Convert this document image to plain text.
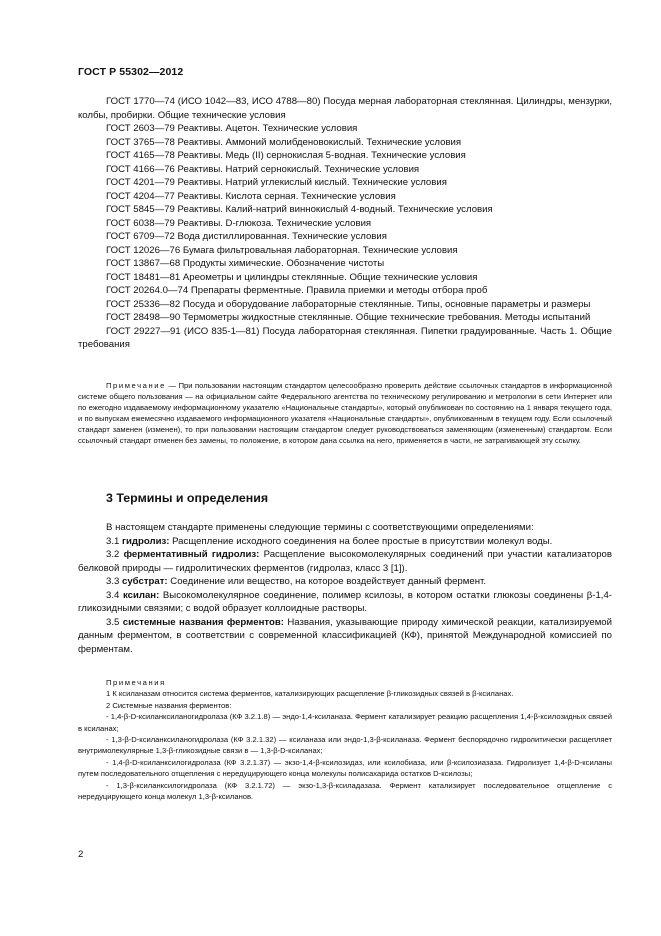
ГОСТ Р 55302—2012

ГОСТ 1770—74 (ИСО 1042—83, ИСО 4788—80) Посуда мерная лабораторная стеклянная. Цилиндры, мензурки, колбы, пробирки. Общие технические условия

ГОСТ 2603—79 Реактивы. Ацетон. Технические условия

ГОСТ 3765—78 Реактивы. Аммоний молибденовокислый. Технические условия

ГОСТ 4165—78 Реактивы. Медь (II) сернокислая 5-водная. Технические условия

ГОСТ 4166—76 Реактивы. Натрий сернокислый. Технические условия

ГОСТ 4201—79 Реактивы. Натрий углекислый кислый. Технические условия

ГОСТ 4204—77 Реактивы. Кислота серная. Технические условия

ГОСТ 5845—79 Реактивы. Калий-натрий виннокислый 4-водный. Технические условия

ГОСТ 6038—79 Реактивы. D-глюкоза. Технические условия

ГОСТ 6709—72 Вода дистиллированная. Технические условия

ГОСТ 12026—76 Бумага фильтровальная лабораторная. Технические условия

ГОСТ 13867—68 Продукты химические. Обозначение чистоты

ГОСТ 18481—81 Ареометры и цилиндры стеклянные. Общие технические условия

ГОСТ 20264.0—74 Препараты ферментные. Правила приемки и методы отбора проб

ГОСТ 25336—82 Посуда и оборудование лабораторные стеклянные. Типы, основные параметры и размеры

ГОСТ 28498—90 Термометры жидкостные стеклянные. Общие технические требования. Методы испытаний

ГОСТ 29227—91 (ИСО 835-1—81) Посуда лабораторная стеклянная. Пипетки градуированные. Часть 1. Общие требования

Примечание — При пользовании настоящим стандартом целесообразно проверить действие ссылочных стандартов в информационной системе общего пользования — на официальном сайте Федерального агентства по техническому регулированию и метрологии в сети Интернет или по ежегодно издаваемому информационному указателю «Национальные стандарты», который опубликован по состоянию на 1 января текущего года, и по выпускам ежемесячно издаваемого информационного указателя «Национальные стандарты», опубликованным в текущем году. Если ссылочный стандарт заменен (изменен), то при пользовании настоящим стандартом следует руководствоваться заменяющим (измененным) стандартом. Если ссылочный стандарт отменен без замены, то положение, в котором дана ссылка на него, применяется в части, не затрагивающей эту ссылку.

3 Термины и определения

В настоящем стандарте применены следующие термины с соответствующими определениями:

3.1 гидролиз: Расщепление исходного соединения на более простые в присутствии молекул воды.

3.2 ферментативный гидролиз: Расщепление высокомолекулярных соединений при участии катализаторов белковой природы — гидролитических ферментов (гидролаз, класс 3 [1]).

3.3 субстрат: Соединение или вещество, на которое воздействует данный фермент.

3.4 ксилан: Высокомолекулярное соединение, полимер ксилозы, в котором остатки глюкозы соединены β-1,4-гликозидными связями; с водой образует коллоидные растворы.

3.5 системные названия ферментов: Названия, указывающие природу химической реакции, катализируемой данным ферментом, в соответствии с современной классификацией (КФ), принятой Международной комиссией по ферментам.

Примечания

1 К ксиланазам относится система ферментов, катализирующих расщепление β-гликозидных связей в β-ксиланах.

2 Системные названия ферментов:

- 1,4-β-D-ксиланксиланогидролаза (КФ 3.2.1.8) — эндо-1,4-ксиланаза. Фермент катализирует реакцию расщепления 1,4-β-ксилозидных связей в ксиланах;

- 1,3-β-D-ксиланксиланогидролаза (КФ 3.2.1.32) — ксиланаза или эндо-1,3-β-ксиланаза. Фермент беспорядочно гидролитически расщепляет внутримолекулярные 1,3-β-гликозидные связи в — 1,3-β-D-ксиланах;

- 1,4-β-D-ксиланксилогидролаза (КФ 3.2.1.37) — экзо-1,4-β-ксилозидаз, или ксилобиаза, или β-ксилозиазаза. Гидролизует 1,4-β-D-ксиланы путем последовательного отщепления с нередуцирующего конца молекулы полисахарида остатков D-ксилозы;

- 1,3-β-ксиланксилогидролаза (КФ 3.2.1.72) — экзо-1,3-β-ксиладазаза. Фермент катализирует последовательное отщепление с нередуцирующего конца молекул 1,3-β-ксиланов.

2
